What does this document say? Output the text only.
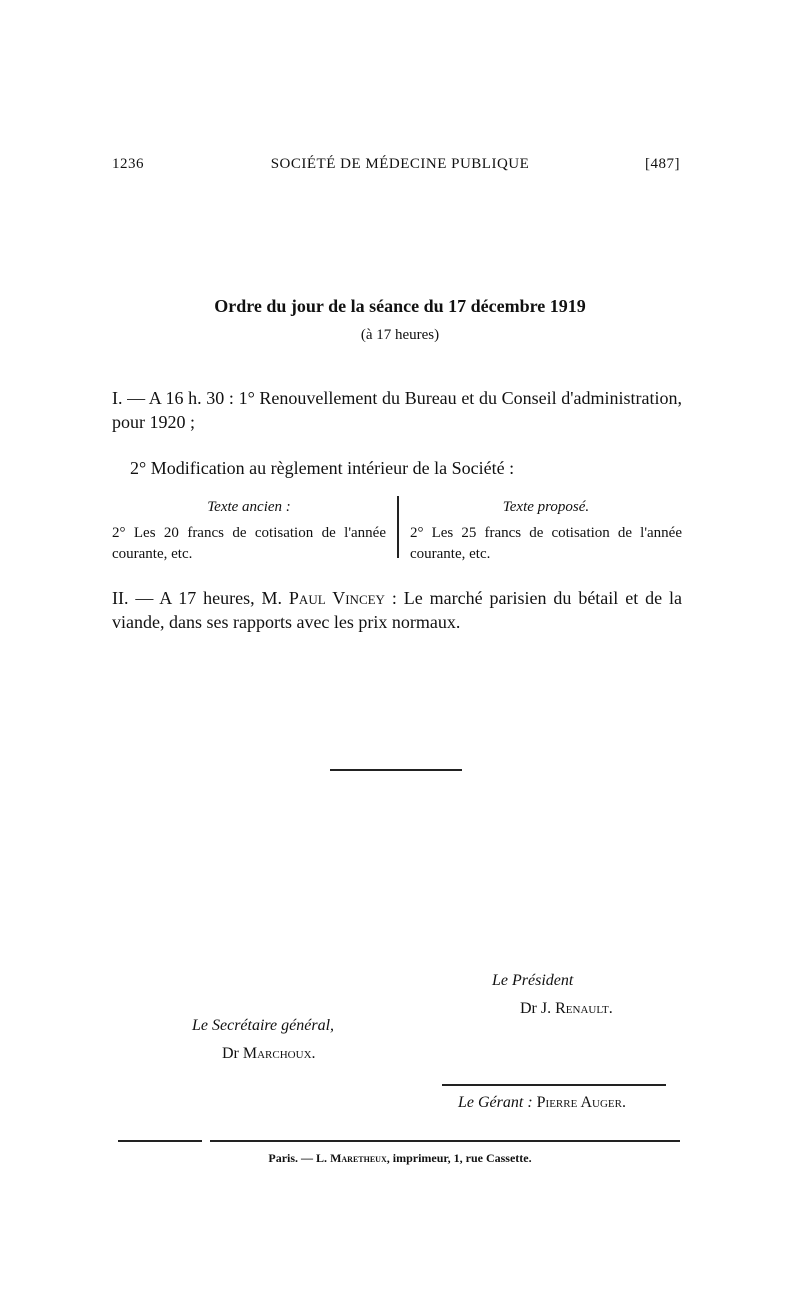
1236	SOCIÉTÉ DE MÉDECINE PUBLIQUE	[487]
Ordre du jour de la séance du 17 décembre 1919
(à 17 heures)
I. — A 16 h. 30 : 1° Renouvellement du Bureau et du Conseil d'administration, pour 1920 ;
2° Modification au règlement intérieur de la Société :
Texte ancien :
2° Les 20 francs de cotisation de l'année courante, etc.
Texte proposé.
2° Les 25 francs de cotisation de l'année courante, etc.
II. — A 17 heures, M. Paul Vincey : Le marché parisien du bétail et de la viande, dans ses rapports avec les prix normaux.
Le Président
Dr J. Renault.
Le Secrétaire général,
Dr Marchoux.
Le Gérant : Pierre Auger.
Paris. — L. Maretheux, imprimeur, 1, rue Cassette.
